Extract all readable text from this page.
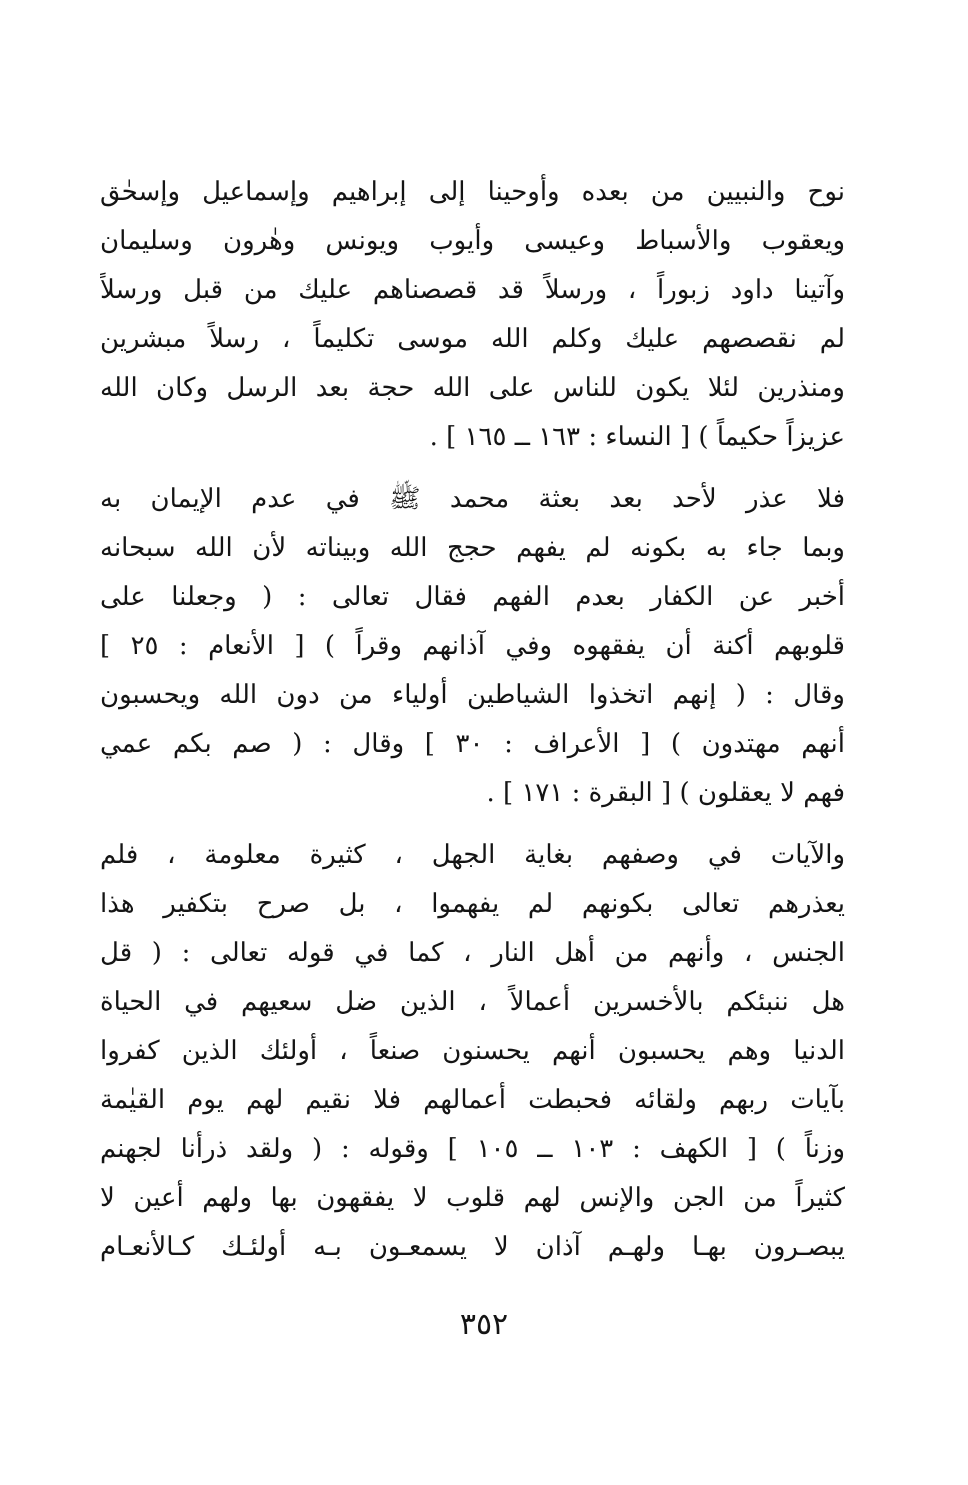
نوح والنبيين من بعده وأوحينا إلى إبراهيم وإسماعيل وإسحٰق
ويعقوب والأسباط وعيسى وأيوب ويونس وهٰرون وسليمان
وآتينا داود زبوراً ، ورسلاً قد قصصناهم عليك من قبل ورسلاً
لم نقصصهم عليك وكلم الله موسى تكليماً ، رسلاً مبشرين
ومنذرين لئلا يكون للناس على الله حجة بعد الرسل وكان الله
عزيزاً حكيماً ) [ النساء : ١٦٣ ــ ١٦٥ ] .
فلا عذر لأحد بعد بعثة محمد ﷺ في عدم الإيمان به
وبما جاء به بكونه لم يفهم حجج الله وبيناته لأن الله سبحانه
أخبر عن الكفار بعدم الفهم فقال تعالى : ( وجعلنا على
قلوبهم أكنة أن يفقهوه وفي آذانهم وقراً ) [ الأنعام : ٢٥ ]
وقال : ( إنهم اتخذوا الشياطين أولياء من دون الله ويحسبون
أنهم مهتدون ) [ الأعراف : ٣٠ ] وقال : ( صم بكم عمي
فهم لا يعقلون ) [ البقرة : ١٧١ ] .
والآيات في وصفهم بغاية الجهل ، كثيرة معلومة ، فلم
يعذرهم تعالى بكونهم لم يفهموا ، بل صرح بتكفير هذا
الجنس ، وأنهم من أهل النار ، كما في قوله تعالى : ( قل
هل ننبئكم بالأخسرين أعمالاً ، الذين ضل سعيهم في الحياة
الدنيا وهم يحسبون أنهم يحسنون صنعاً ، أولئك الذين كفروا
بآيات ربهم ولقائه فحبطت أعمالهم فلا نقيم لهم يوم القيٰمة
وزناً ) [ الكهف : ١٠٣ ــ ١٠٥ ] وقوله : ( ولقد ذرأنا لجهنم
كثيراً من الجن والإنس لهم قلوب لا يفقهون بها ولهم أعين لا
يبصـرون بهـا ولهـم آذان لا يسمعـون بـه أولئـك كـالأنعـام
٣٥٢
